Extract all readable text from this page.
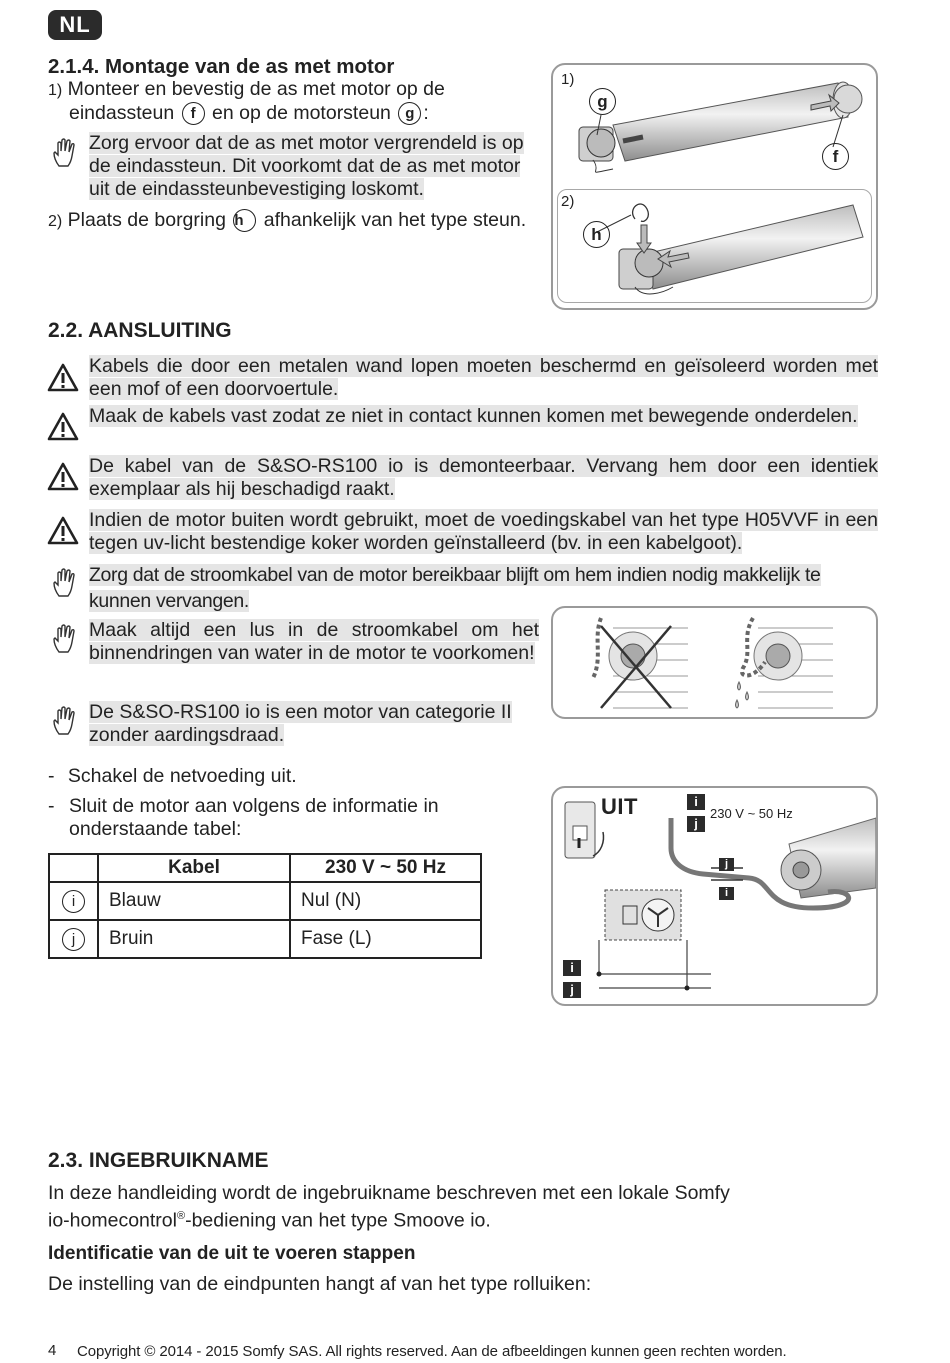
NL
2.1.4. Montage van de as met motor
1) Monteer en bevestig de as met motor op de
eindassteun f en op de motorsteun g :
Zorg ervoor dat de as met motor vergrendeld is op de eindassteun. Dit voorkomt dat de as met motor uit de eindassteunbevestiging loskomt.
2) Plaats de borgring h afhankelijk van het type steun.
1)
2)
g
f
h
2.2. AANSLUITING
Kabels die door een metalen wand lopen moeten beschermd en geïsoleerd worden met een mof of een doorvoertule.
Maak de kabels vast zodat ze niet in contact kunnen komen met bewegende onderdelen.
De kabel van de S&SO-RS100 io is demonteerbaar. Vervang hem door een identiek exemplaar als hij beschadigd raakt.
Indien de motor buiten wordt gebruikt, moet de voedingskabel van het type H05VVF in een tegen uv-licht bestendige koker worden geïnstalleerd (bv. in een kabelgoot).
Zorg dat de stroomkabel van de motor bereikbaar blijft om hem indien nodig makkelijk te kunnen vervangen.
Maak altijd een lus in de stroomkabel om het binnendringen van water in de motor te voorkomen!
De S&SO-RS100 io is een motor van categorie II zonder aardingsdraad.
- Schakel de netvoeding uit.
- Sluit de motor aan volgens de informatie in onderstaande tabel:
	Kabel	230 V ~ 50 Hz
i	Blauw	Nul (N)
j	Bruin	Fase (L)
UIT	i
j
230 V ~ 50 Hz
j
i
i
j
2.3. INGEBRUIKNAME
In deze handleiding wordt de ingebruikname beschreven met een lokale Somfy
io-homecontrol®-bediening van het type Smoove io.
Identificatie van de uit te voeren stappen
De instelling van de eindpunten hangt af van het type rolluiken:
4 Copyright © 2014 - 2015 Somfy SAS. All rights reserved. Aan de afbeeldingen kunnen geen rechten worden.
